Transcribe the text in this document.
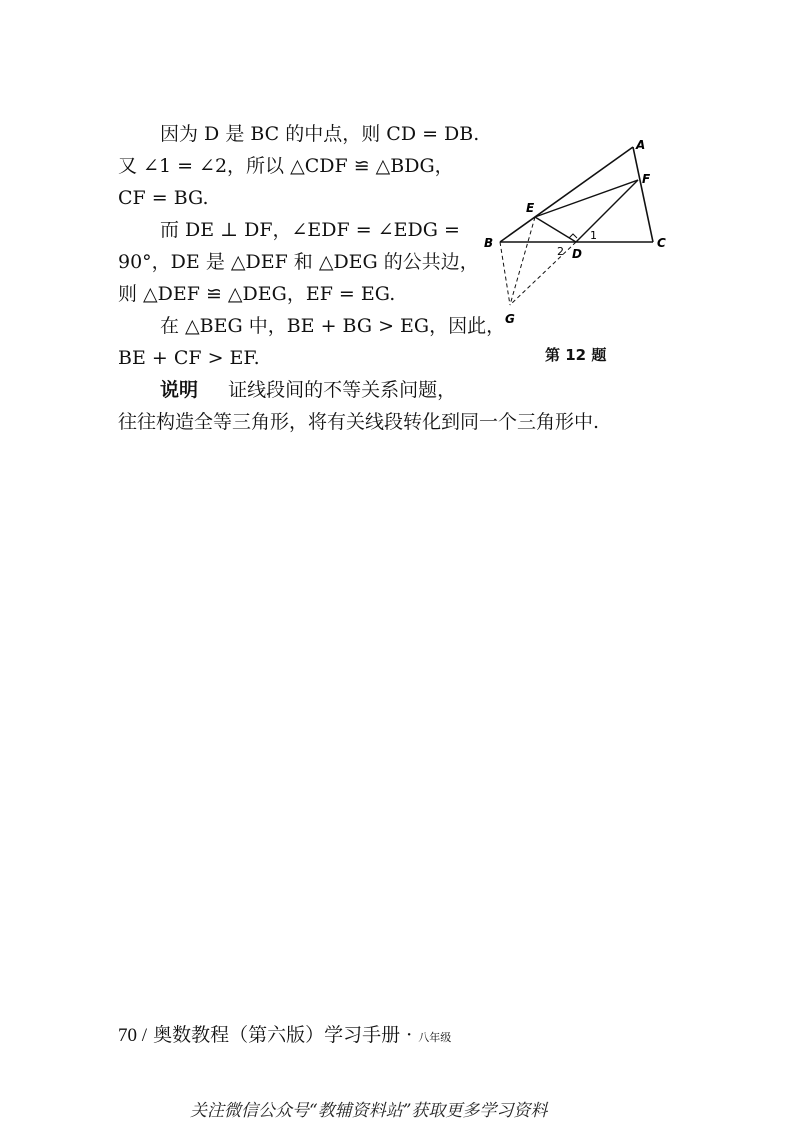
因为 D 是 BC 的中点，则 CD = DB.
又 ∠1 = ∠2，所以 △CDF ≌ △BDG，
CF = BG.
而 DE ⊥ DF，∠EDF = ∠EDG =
90°，DE 是 △DEF 和 △DEG 的公共边，
则 △DEF ≌ △DEG，EF = EG.
在 △BEG 中，BE + BG > EG，因此，
BE + CF > EF.
说明 证线段间的不等关系问题，
往往构造全等三角形，将有关线段转化到同一个三角形中.
A
F
E
B	C
D
G
1
2
第 12 题
70 / 奥数教程（第六版）学习手册 · 八年级
关注微信公众号“教辅资料站”获取更多学习资料
